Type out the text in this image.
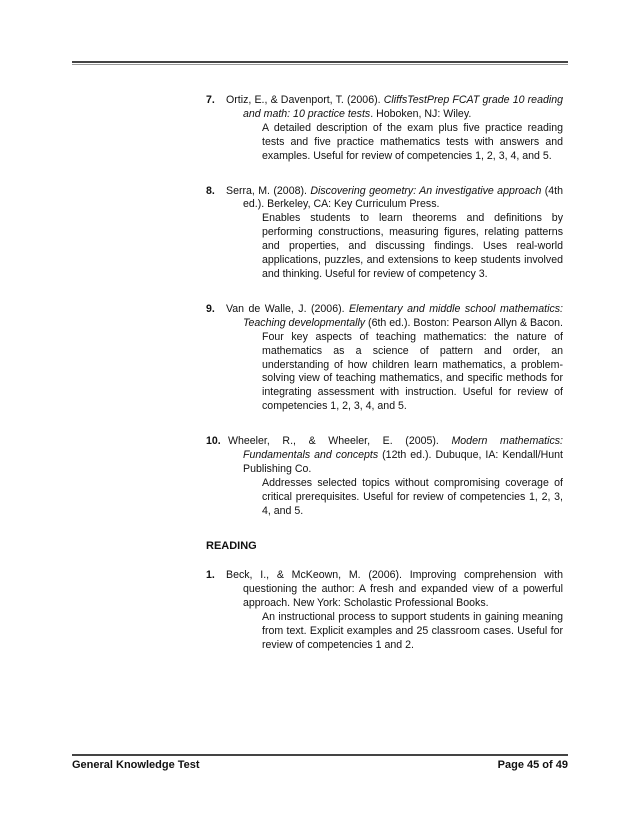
7. Ortiz, E., & Davenport, T. (2006). CliffsTestPrep FCAT grade 10 reading and math: 10 practice tests. Hoboken, NJ: Wiley.
A detailed description of the exam plus five practice reading tests and five practice mathematics tests with answers and examples. Useful for review of competencies 1, 2, 3, 4, and 5.
8. Serra, M. (2008). Discovering geometry: An investigative approach (4th ed.). Berkeley, CA: Key Curriculum Press.
Enables students to learn theorems and definitions by performing constructions, measuring figures, relating patterns and properties, and discussing findings. Uses real-world applications, puzzles, and extensions to keep students involved and thinking. Useful for review of competency 3.
9. Van de Walle, J. (2006). Elementary and middle school mathematics: Teaching developmentally (6th ed.). Boston: Pearson Allyn & Bacon.
Four key aspects of teaching mathematics: the nature of mathematics as a science of pattern and order, an understanding of how children learn mathematics, a problem-solving view of teaching mathematics, and specific methods for integrating assessment with instruction. Useful for review of competencies 1, 2, 3, 4, and 5.
10. Wheeler, R., & Wheeler, E. (2005). Modern mathematics: Fundamentals and concepts (12th ed.). Dubuque, IA: Kendall/Hunt Publishing Co.
Addresses selected topics without compromising coverage of critical prerequisites. Useful for review of competencies 1, 2, 3, 4, and 5.
READING
1. Beck, I., & McKeown, M. (2006). Improving comprehension with questioning the author: A fresh and expanded view of a powerful approach. New York: Scholastic Professional Books.
An instructional process to support students in gaining meaning from text. Explicit examples and 25 classroom cases. Useful for review of competencies 1 and 2.
General Knowledge Test	Page 45 of 49
